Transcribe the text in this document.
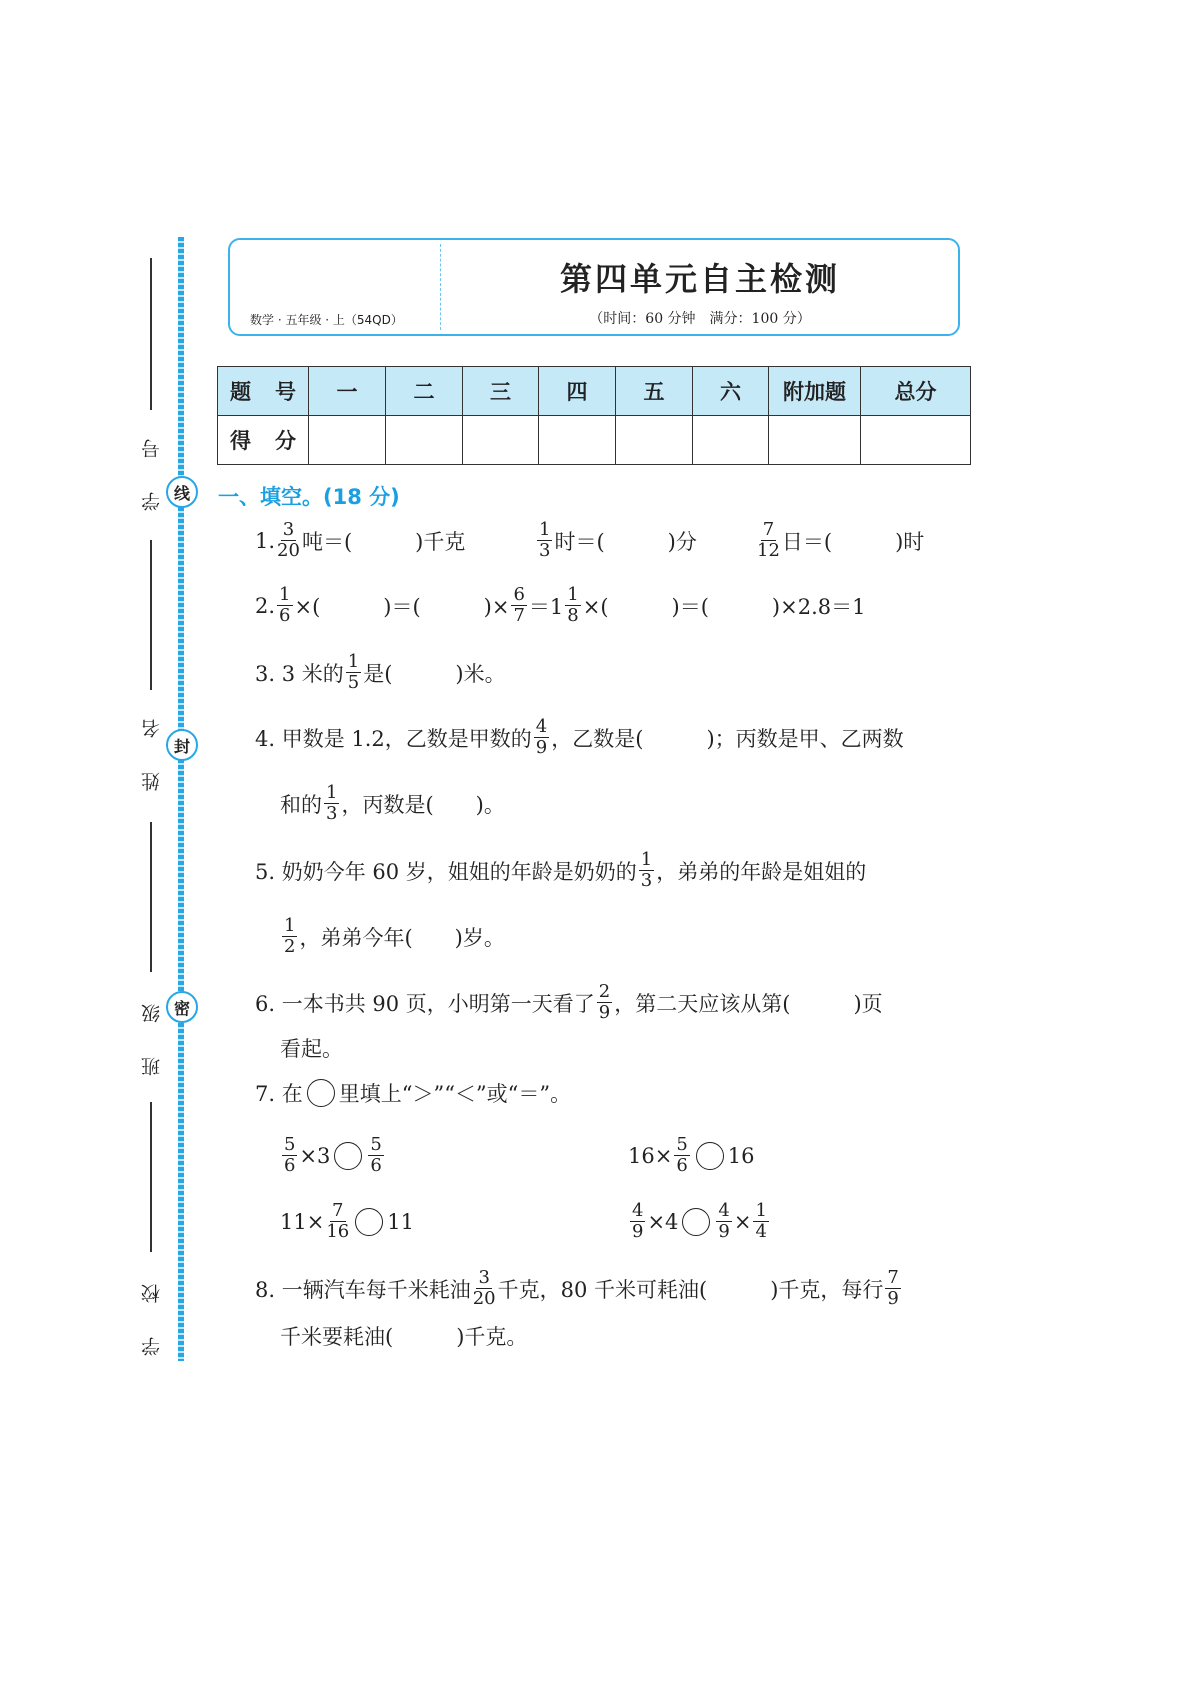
学 号
姓 名
班 级
学 校
线
封
密
数学 · 五年级 · 上（54QD）
第四单元自主检测
（时间：60 分钟　满分：100 分）
题　号	一	二	三	四	五	六	附加题	总分
得　分								
一、填空。(18 分)
1. $\frac{3}{20}$ 吨＝(　　　)千克	$\frac{1}{3}$ 时＝(　　　)分	$\frac{7}{12}$ 日＝(　　　)时
2. $\frac{1}{6}$ ×(　　　)＝(　　　)× $\frac{6}{7} =1 \frac{1}{8}$ ×(　　　)＝(　　　)×2.8＝1
3. 3 米的 $\frac{1}{5}$ 是(　　　)米。
4. 甲数是 1.2，乙数是甲数的 $\frac{4}{9}$ ，乙数是(　　　)；丙数是甲、乙两数
和的 $\frac{1}{3}$ ，丙数是(　　)。
5. 奶奶今年 60 岁，姐姐的年龄是奶奶的 $\frac{1}{3}$ ，弟弟的年龄是姐姐的
$\frac{1}{2}$ ，弟弟今年(　　)岁。
6. 一本书共 90 页，小明第一天看了 $\frac{2}{9}$ ，第二天应该从第(　　　)页
看起。
7. 在 里填上“＞”“＜”或“＝”。
$\frac{5}{6} \times 3 \frac{5}{6}$	$16\times \frac{5}{6} 16$
$11\times \frac{7}{16} 11$	$\frac{4}{9} \times 4 \frac{4}{9} \times \frac{1}{4}$
8. 一辆汽车每千米耗油 $\frac{3}{20}$ 千克，80 千米可耗油(　　　)千克，每行 $\frac{7}{9}$
千米要耗油(　　　)千克。
